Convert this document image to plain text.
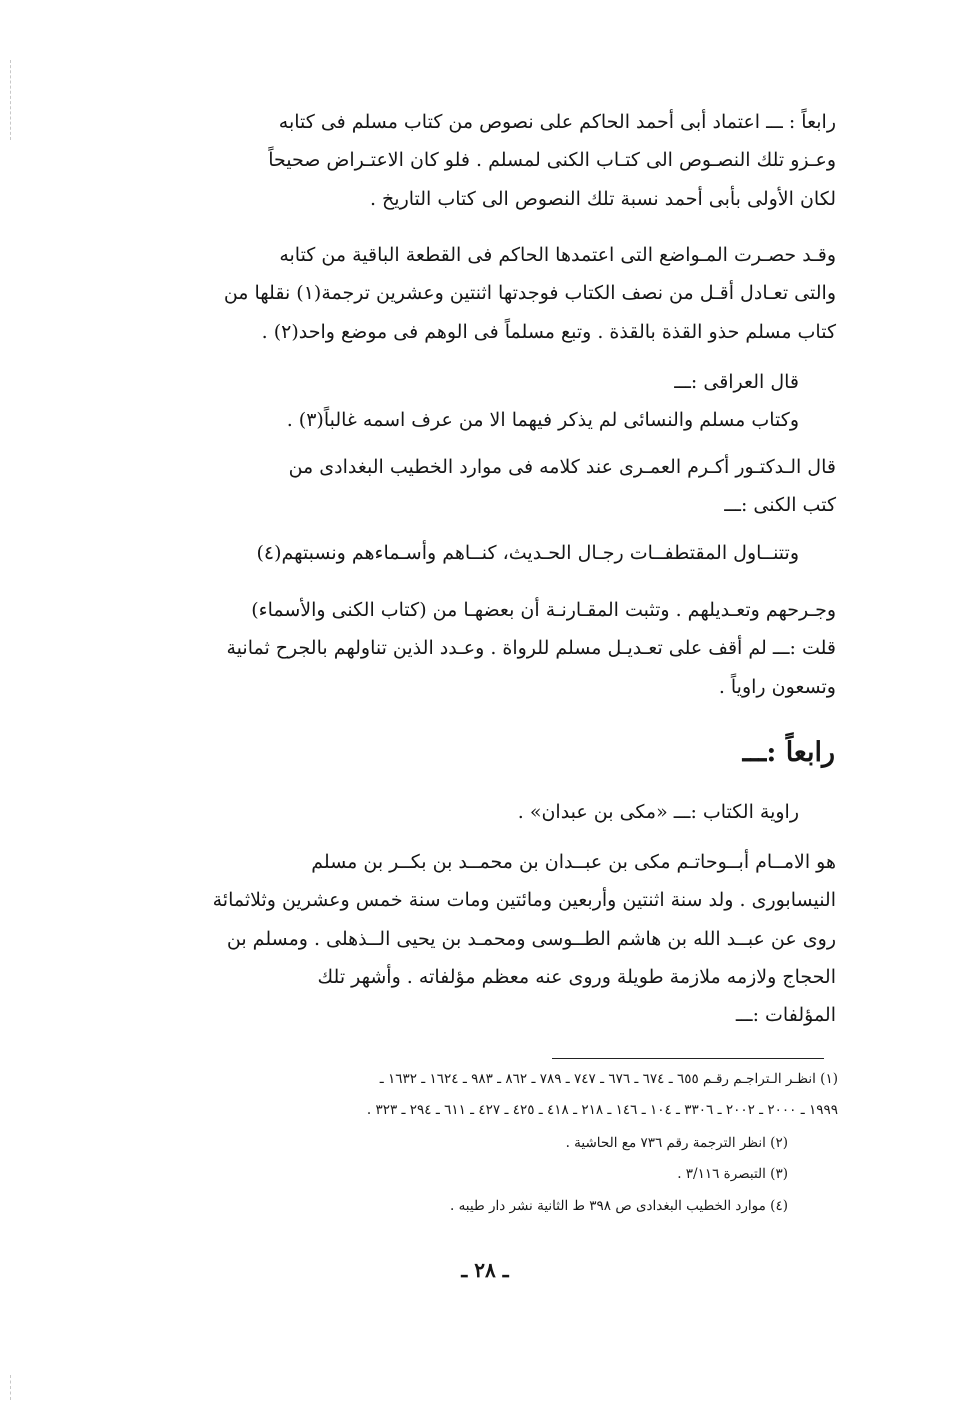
رابعاً : ـــ اعتماد أبى أحمد الحاكم على نصوص من كتاب مسلم فى كتابه
وعـزو تلك النصـوص الى كتـاب الكنى لمسلم . فلو كان الاعتـراض صحيحاً
لكان الأولى بأبى أحمد نسبة تلك النصوص الى كتاب التاريخ .

وقـد حصـرت المـواضع التى اعتمدها الحاكم فى القطعة الباقية من كتابه
والتى تعـادل أقـل من نصف الكتاب فوجدتها اثنتين وعشرين ترجمة(١) نقلها من
كتاب مسلم حذو القذة بالقذة . وتبع مسلماً فى الوهم فى موضع واحد(٢) .

قال العراقى :ـــ
وكتاب مسلم والنسائى لم يذكر فيهما الا من عرف اسمه غالباً(٣) .

قال الـدكتـور أكـرم العمـرى عند كلامه فى موارد الخطيب البغدادى من
كتب الكنى :ـــ

وتتنــاول المقتطفــات رجـال الحـديث، كنــاهم وأسـماءهم ونسبتهم(٤)

وجـرحهم وتعـديلهم . وتثبت المقـارنـة أن بعضهـا من (كتاب الكنى والأسماء)
قلت :ـــ لم أقف على تعـديـل مسلم للرواة . وعـدد الذين تناولهم بالجرح ثمانية
وتسعون راوياً .

رابعاً :ـــ
راوية الكتاب :ـــ «مكى بن عبدان» .

هو الامــام أبــوحاتـم مكى بن عبــدان بن محمــد بن بكــر بن مسلم
النيسابورى . ولد سنة اثنتين وأربعين ومائتين ومات سنة خمس وعشرين وثلاثمائة
روى عن عبــد الله بن هاشم الطــوسى ومحمـد بن يحيى الــذهلى . ومسلم بن
الحجاج ولازمه ملازمة طويلة وروى عنه معظم مؤلفاته . وأشهر تلك
المؤلفات :ـــ

(١) انظـر الـتراجـم رقـم ٦٥٥ ـ ٦٧٤ ـ ٦٧٦ ـ ٧٤٧ ـ ٧٨٩ ـ ٨٦٢ ـ ٩٨٣ ـ ١٦٢٤ ـ ١٦٣٢ ـ
١٩٩٩ ـ ٢٠٠٠ ـ ٢٠٠٢ ـ ٣٣٠٦ ـ ١٠٤ ـ ١٤٦ ـ ٢١٨ ـ ٤١٨ ـ ٤٢٥ ـ ٤٢٧ ـ ٦١١ ـ ٢٩٤ ـ ٣٢٣ .
(٢) انظر الترجمة رقم ٧٣٦ مع الحاشية .
(٣) التبصرة ٣/١١٦ .
(٤) موارد الخطيب البغدادى ص ٣٩٨ ط الثانية نشر دار طيبه .
ـ ٢٨ ـ
